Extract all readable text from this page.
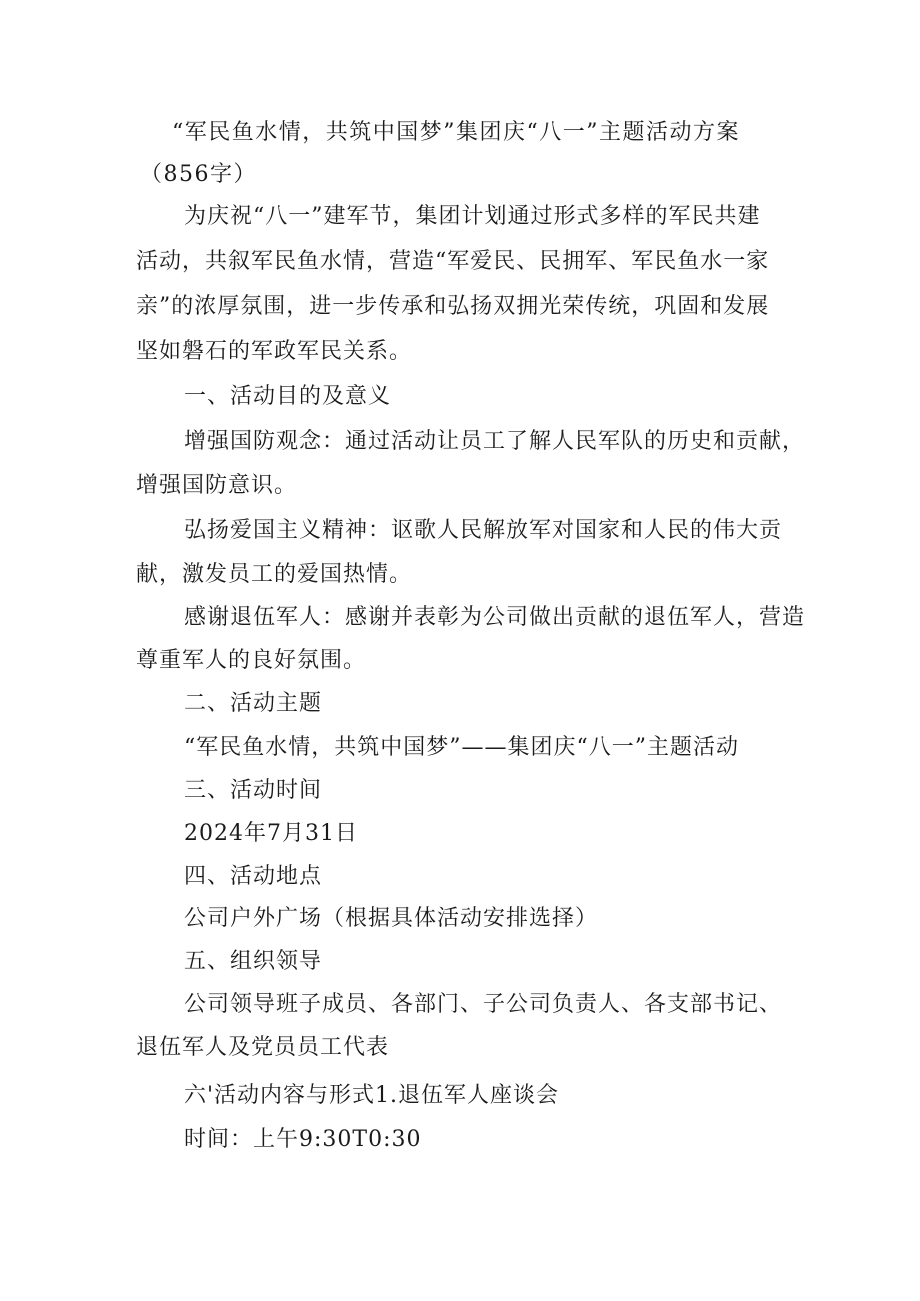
“军民鱼水情，共筑中国梦”集团庆“八一”主题活动方案
（856字）
为庆祝“八一”建军节，集团计划通过形式多样的军民共建
活动，共叙军民鱼水情，营造“军爱民、民拥军、军民鱼水一家
亲”的浓厚氛围，进一步传承和弘扬双拥光荣传统，巩固和发展
坚如磐石的军政军民关系。
一、活动目的及意义
增强国防观念：通过活动让员工了解人民军队的历史和贡献，
增强国防意识。
弘扬爱国主义精神：讴歌人民解放军对国家和人民的伟大贡
献，激发员工的爱国热情。
感谢退伍军人：感谢并表彰为公司做出贡献的退伍军人，营造
尊重军人的良好氛围。
二、活动主题
“军民鱼水情，共筑中国梦”——集团庆“八一”主题活动
三、活动时间
2024年7月31日
四、活动地点
公司户外广场（根据具体活动安排选择）
五、组织领导
公司领导班子成员、各部门、子公司负责人、各支部书记、
退伍军人及党员员工代表
六'活动内容与形式1.退伍军人座谈会
时间：上午9:30T0:30
